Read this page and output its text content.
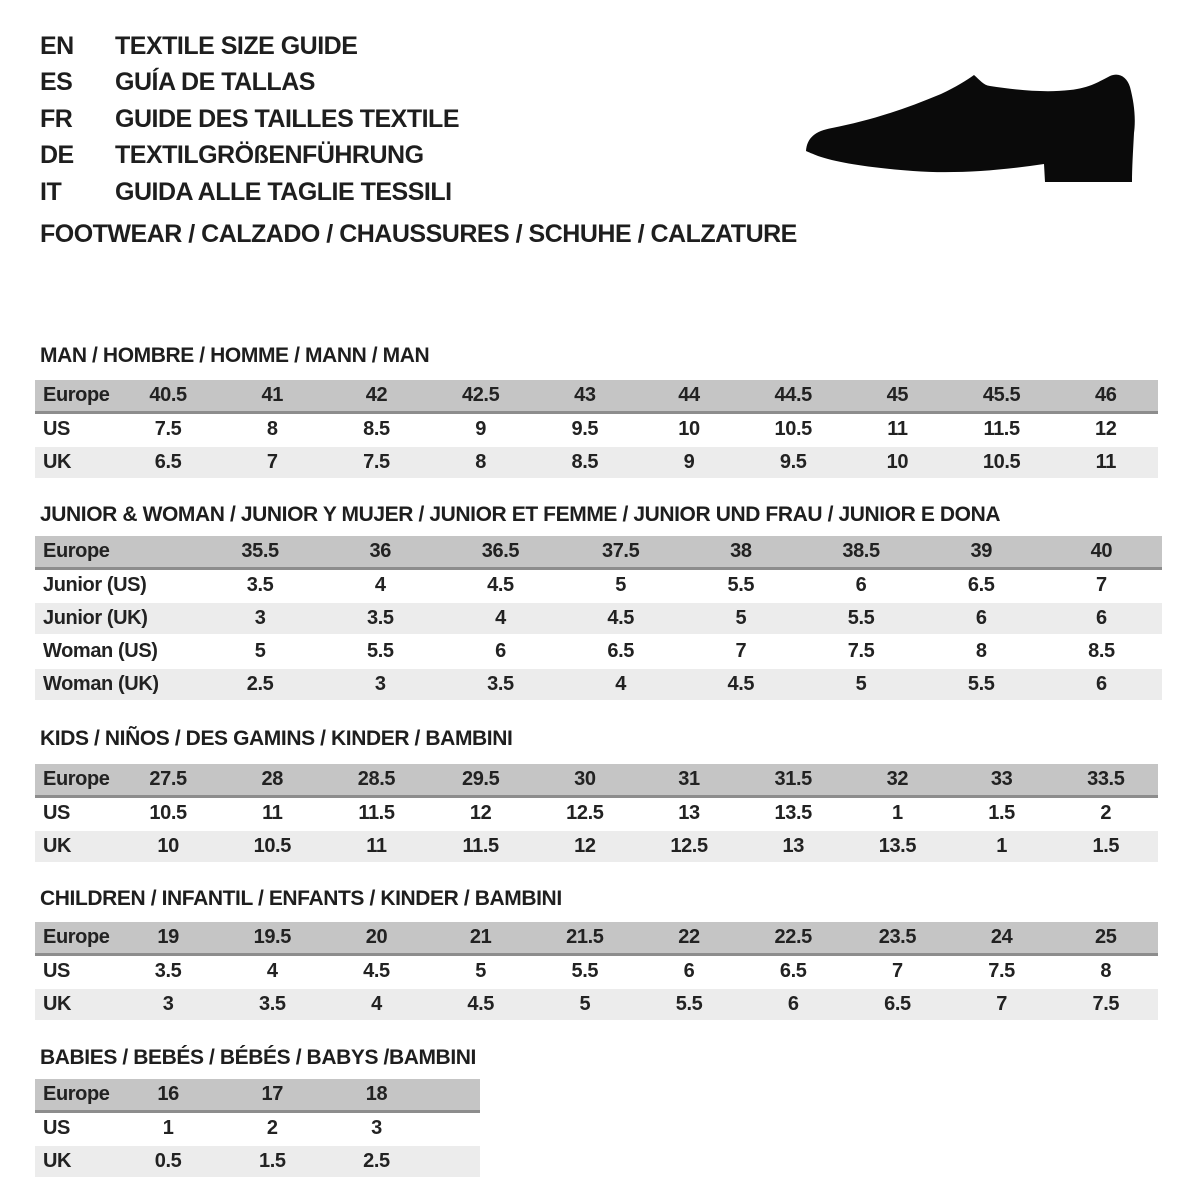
EN	TEXTILE SIZE GUIDE
ES	GUÍA DE TALLAS
FR	GUIDE DES TAILLES TEXTILE
DE	TEXTILGRÖßENFÜHRUNG
IT	GUIDA ALLE TAGLIE TESSILI
FOOTWEAR / CALZADO / CHAUSSURES / SCHUHE / CALZATURE
MAN / HOMBRE / HOMME / MANN / MAN
Europe	40.5	41	42	42.5	43	44	44.5	45	45.5	46
US	7.5	8	8.5	9	9.5	10	10.5	11	11.5	12
UK	6.5	7	7.5	8	8.5	9	9.5	10	10.5	11
JUNIOR & WOMAN / JUNIOR Y MUJER / JUNIOR ET FEMME / JUNIOR UND FRAU / JUNIOR E DONA
Europe	35.5	36	36.5	37.5	38	38.5	39	40
Junior (US)	3.5	4	4.5	5	5.5	6	6.5	7
Junior (UK)	3	3.5	4	4.5	5	5.5	6	6
Woman (US)	5	5.5	6	6.5	7	7.5	8	8.5
Woman (UK)	2.5	3	3.5	4	4.5	5	5.5	6
KIDS / NIÑOS / DES GAMINS / KINDER / BAMBINI
Europe	27.5	28	28.5	29.5	30	31	31.5	32	33	33.5
US	10.5	11	11.5	12	12.5	13	13.5	1	1.5	2
UK	10	10.5	11	11.5	12	12.5	13	13.5	1	1.5
CHILDREN / INFANTIL / ENFANTS / KINDER / BAMBINI
Europe	19	19.5	20	21	21.5	22	22.5	23.5	24	25
US	3.5	4	4.5	5	5.5	6	6.5	7	7.5	8
UK	3	3.5	4	4.5	5	5.5	6	6.5	7	7.5
BABIES / BEBÉS / BÉBÉS / BABYS /BAMBINI
Europe	16	17	18	
US	1	2	3	
UK	0.5	1.5	2.5	
